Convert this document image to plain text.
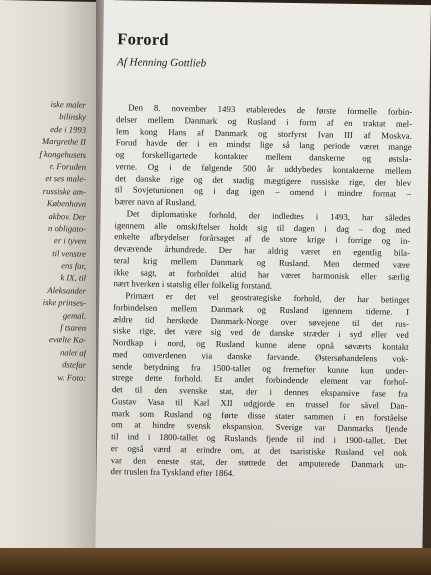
iske maler
bilinsky
ede i 1993
Margrethe II
f kongehusets
r. Foruden
et ses male-
russiske am-
København
akbov. Der
n obligato-
er i tyven
til venstre
ens far,
k IX, til
Aleksander
iske prinses-
gemal.
f tsaren
evælte Ka-
nalet af
dstefar
w. Foto:
Forord
Af Henning Gottlieb
Den 8. november 1493 etableredes de første formelle forbin-
delser mellem Danmark og Rusland i form af en traktat mel-
lem kong Hans af Danmark og storfyrst Ivan III af Moskva.
Forud havde der i en mindst lige så lang periode været mange
og forskelligartede kontakter mellem danskerne og østsla-
verne. Og i de følgende 500 år uddybedes kontakterne mellem
det danske rige og det stadig mægtigere russiske rige, der blev
til Sovjetunionen og i dag igen – omend i mindre format –
bærer navn af Rusland.
Det diplomatiske forhold, der indledtes i 1493, har således
igennem alle omskiftelser holdt sig til dagen i dag – dog med
enkelte afbrydelser forårsaget af de store krige i forrige og in-
deværende århundrede. Der har aldrig været en egentlig bila-
teral krig mellem Danmark og Rusland. Men dermed være
ikke sagt, at forholdet altid har været harmonisk eller særlig
nært hverken i statslig eller folkelig forstand.
Primært er det vel geostrategiske forhold, der har betinget
forbindelsen mellem Danmark og Rusland igennem tiderne. I
ældre tid herskede Danmark-Norge over søvejene til det rus-
siske rige, det være sig ved de danske stræder i syd eller ved
Nordkap i nord, og Rusland kunne alene opnå søværts kontakt
med omverdenen via danske farvande. Østersøhandelens vok-
sende betydning fra 1500-tallet og fremefter kunne kun under-
strege dette forhold. Et andet forbindende element var forhol-
det til den svenske stat, der i dennes ekspansive fase fra
Gustav Vasa til Karl XII udgjorde en trussel for såvel Dan-
mark som Rusland og førte disse stater sammen i en forståelse
om at hindre svensk ekspansion. Sverige var Danmarks fjende
til ind i 1800-tallet og Ruslands fjende til ind i 1900-tallet. Det
er også værd at erindre om, at det tsaristiske Rusland vel nok
var den eneste stat, der støttede det amputerede Danmark un-
der truslen fra Tyskland efter 1864.
